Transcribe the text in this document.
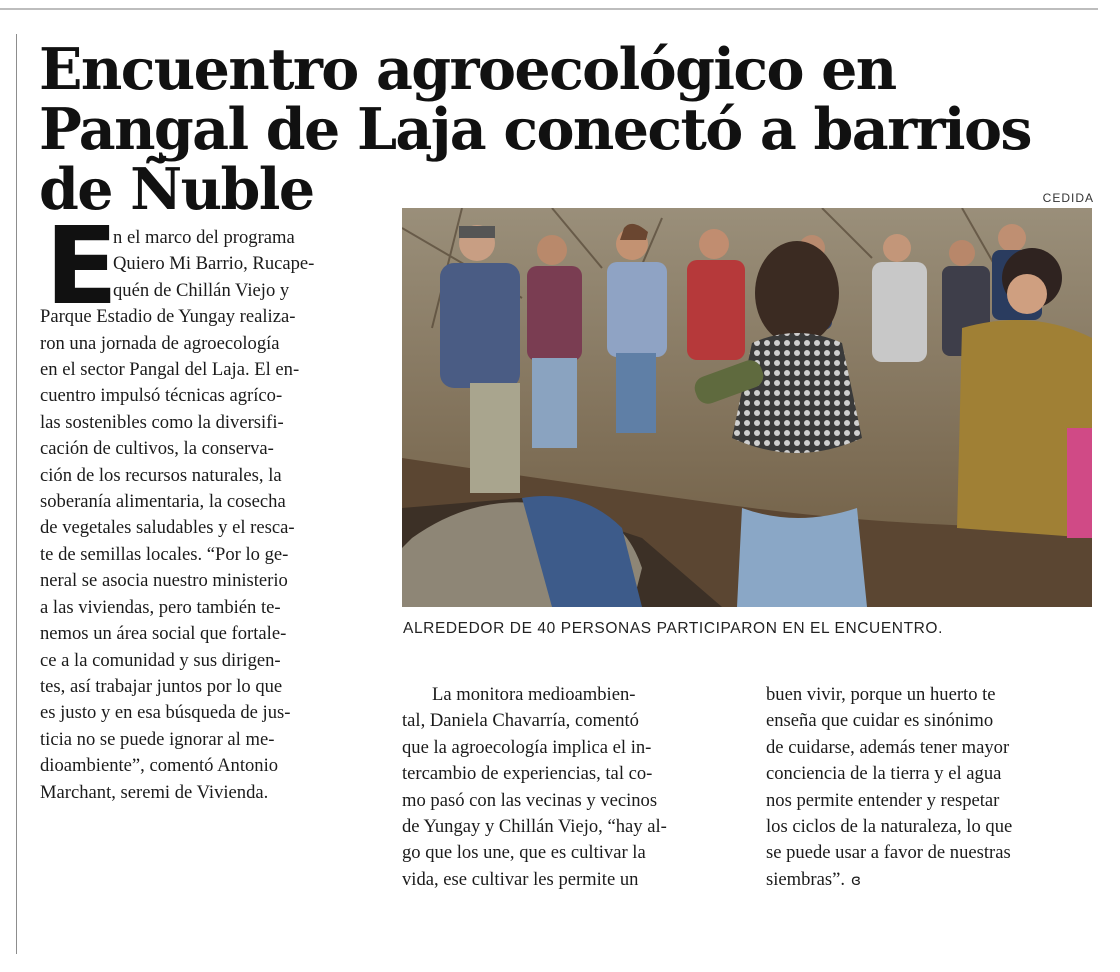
Encuentro agroecológico en Pangal de Laja conectó a barrios de Ñuble	CEDIDA
ALREDEDOR DE 40 PERSONAS PARTICIPARON EN EL ENCUENTRO.
E
n el marco del programa
Quiero Mi Barrio, Rucape-
quén de Chillán Viejo y
Parque Estadio de Yungay realiza-
ron una jornada de agroecología
en el sector Pangal del Laja. El en-
cuentro impulsó técnicas agríco-
las sostenibles como la diversifi-
cación de cultivos, la conserva-
ción de los recursos naturales, la
soberanía alimentaria, la cosecha
de vegetales saludables y el resca-
te de semillas locales. “Por lo ge-
neral se asocia nuestro ministerio
a las viviendas, pero también te-
nemos un área social que fortale-
ce a la comunidad y sus dirigen-
tes, así trabajar juntos por lo que
es justo y en esa búsqueda de jus-
ticia no se puede ignorar al me-
dioambiente”, comentó Antonio
Marchant, seremi de Vivienda.
La monitora medioambien-
tal, Daniela Chavarría, comentó
que la agroecología implica el in-
tercambio de experiencias, tal co-
mo pasó con las vecinas y vecinos
de Yungay y Chillán Viejo, “hay al-
go que los une, que es cultivar la
vida, ese cultivar les permite un
buen vivir, porque un huerto te
enseña que cuidar es sinónimo
de cuidarse, además tener mayor
conciencia de la tierra y el agua
nos permite entender y respetar
los ciclos de la naturaleza, lo que
se puede usar a favor de nuestras
siembras”. ɞ
